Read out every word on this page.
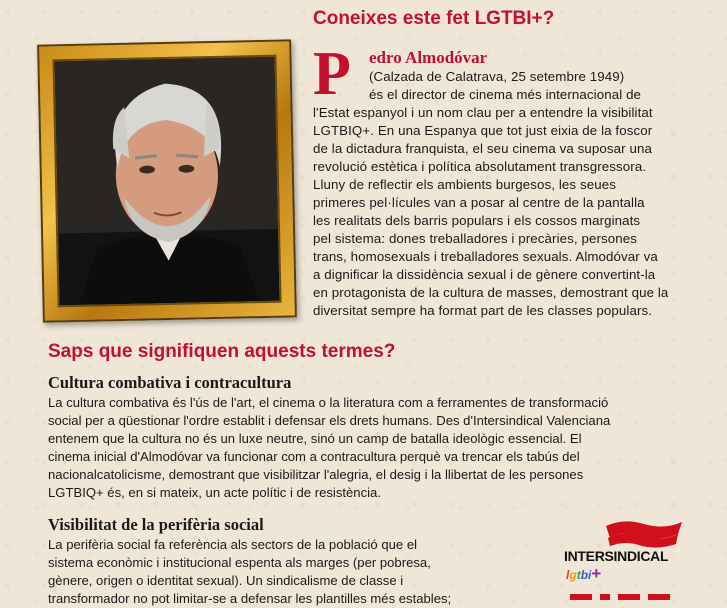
Coneixes este fet LGTBI+?
P	edro Almodóvar
(Calzada de Calatrava, 25 setembre 1949)
és el director de cinema més internacional de
l'Estat espanyol i un nom clau per a entendre la visibilitat
LGTBIQ+. En una Espanya que tot just eixia de la foscor
de la dictadura franquista, el seu cinema va suposar una
revolució estètica i política absolutament transgressora.
Lluny de reflectir els ambients burgesos, les seues
primeres pel·lícules van a posar al centre de la pantalla
les realitats dels barris populars i els cossos marginats
pel sistema: dones treballadores i precàries, persones
trans, homosexuals i treballadores sexuals. Almodóvar va
a dignificar la dissidència sexual i de gènere convertint-la
en protagonista de la cultura de masses, demostrant que la
diversitat sempre ha format part de les classes populars.
Saps que signifiquen aquests termes?
Cultura combativa i contracultura
La cultura combativa és l'ús de l'art, el cinema o la literatura com a ferramentes de transformació
social per a qüestionar l'ordre establit i defensar els drets humans. Des d'Intersindical Valenciana
entenem que la cultura no és un luxe neutre, sinó un camp de batalla ideològic essencial. El
cinema inicial d'Almodóvar va funcionar com a contracultura perquè va trencar els tabús del
nacionalcatolicisme, demostrant que visibilitzar l'alegria, el desig i la llibertat de les persones
LGTBIQ+ és, en si mateix, un acte polític i de resistència.
Visibilitat de la perifèria social
La perifèria social fa referència als sectors de la població que el
sistema econòmic i institucional espenta als marges (per pobresa,
gènere, origen o identitat sexual). Un sindicalisme de classe i
transformador no pot limitar-se a defensar les plantilles més estables;
INTERSINDICAL
lgtbi+
